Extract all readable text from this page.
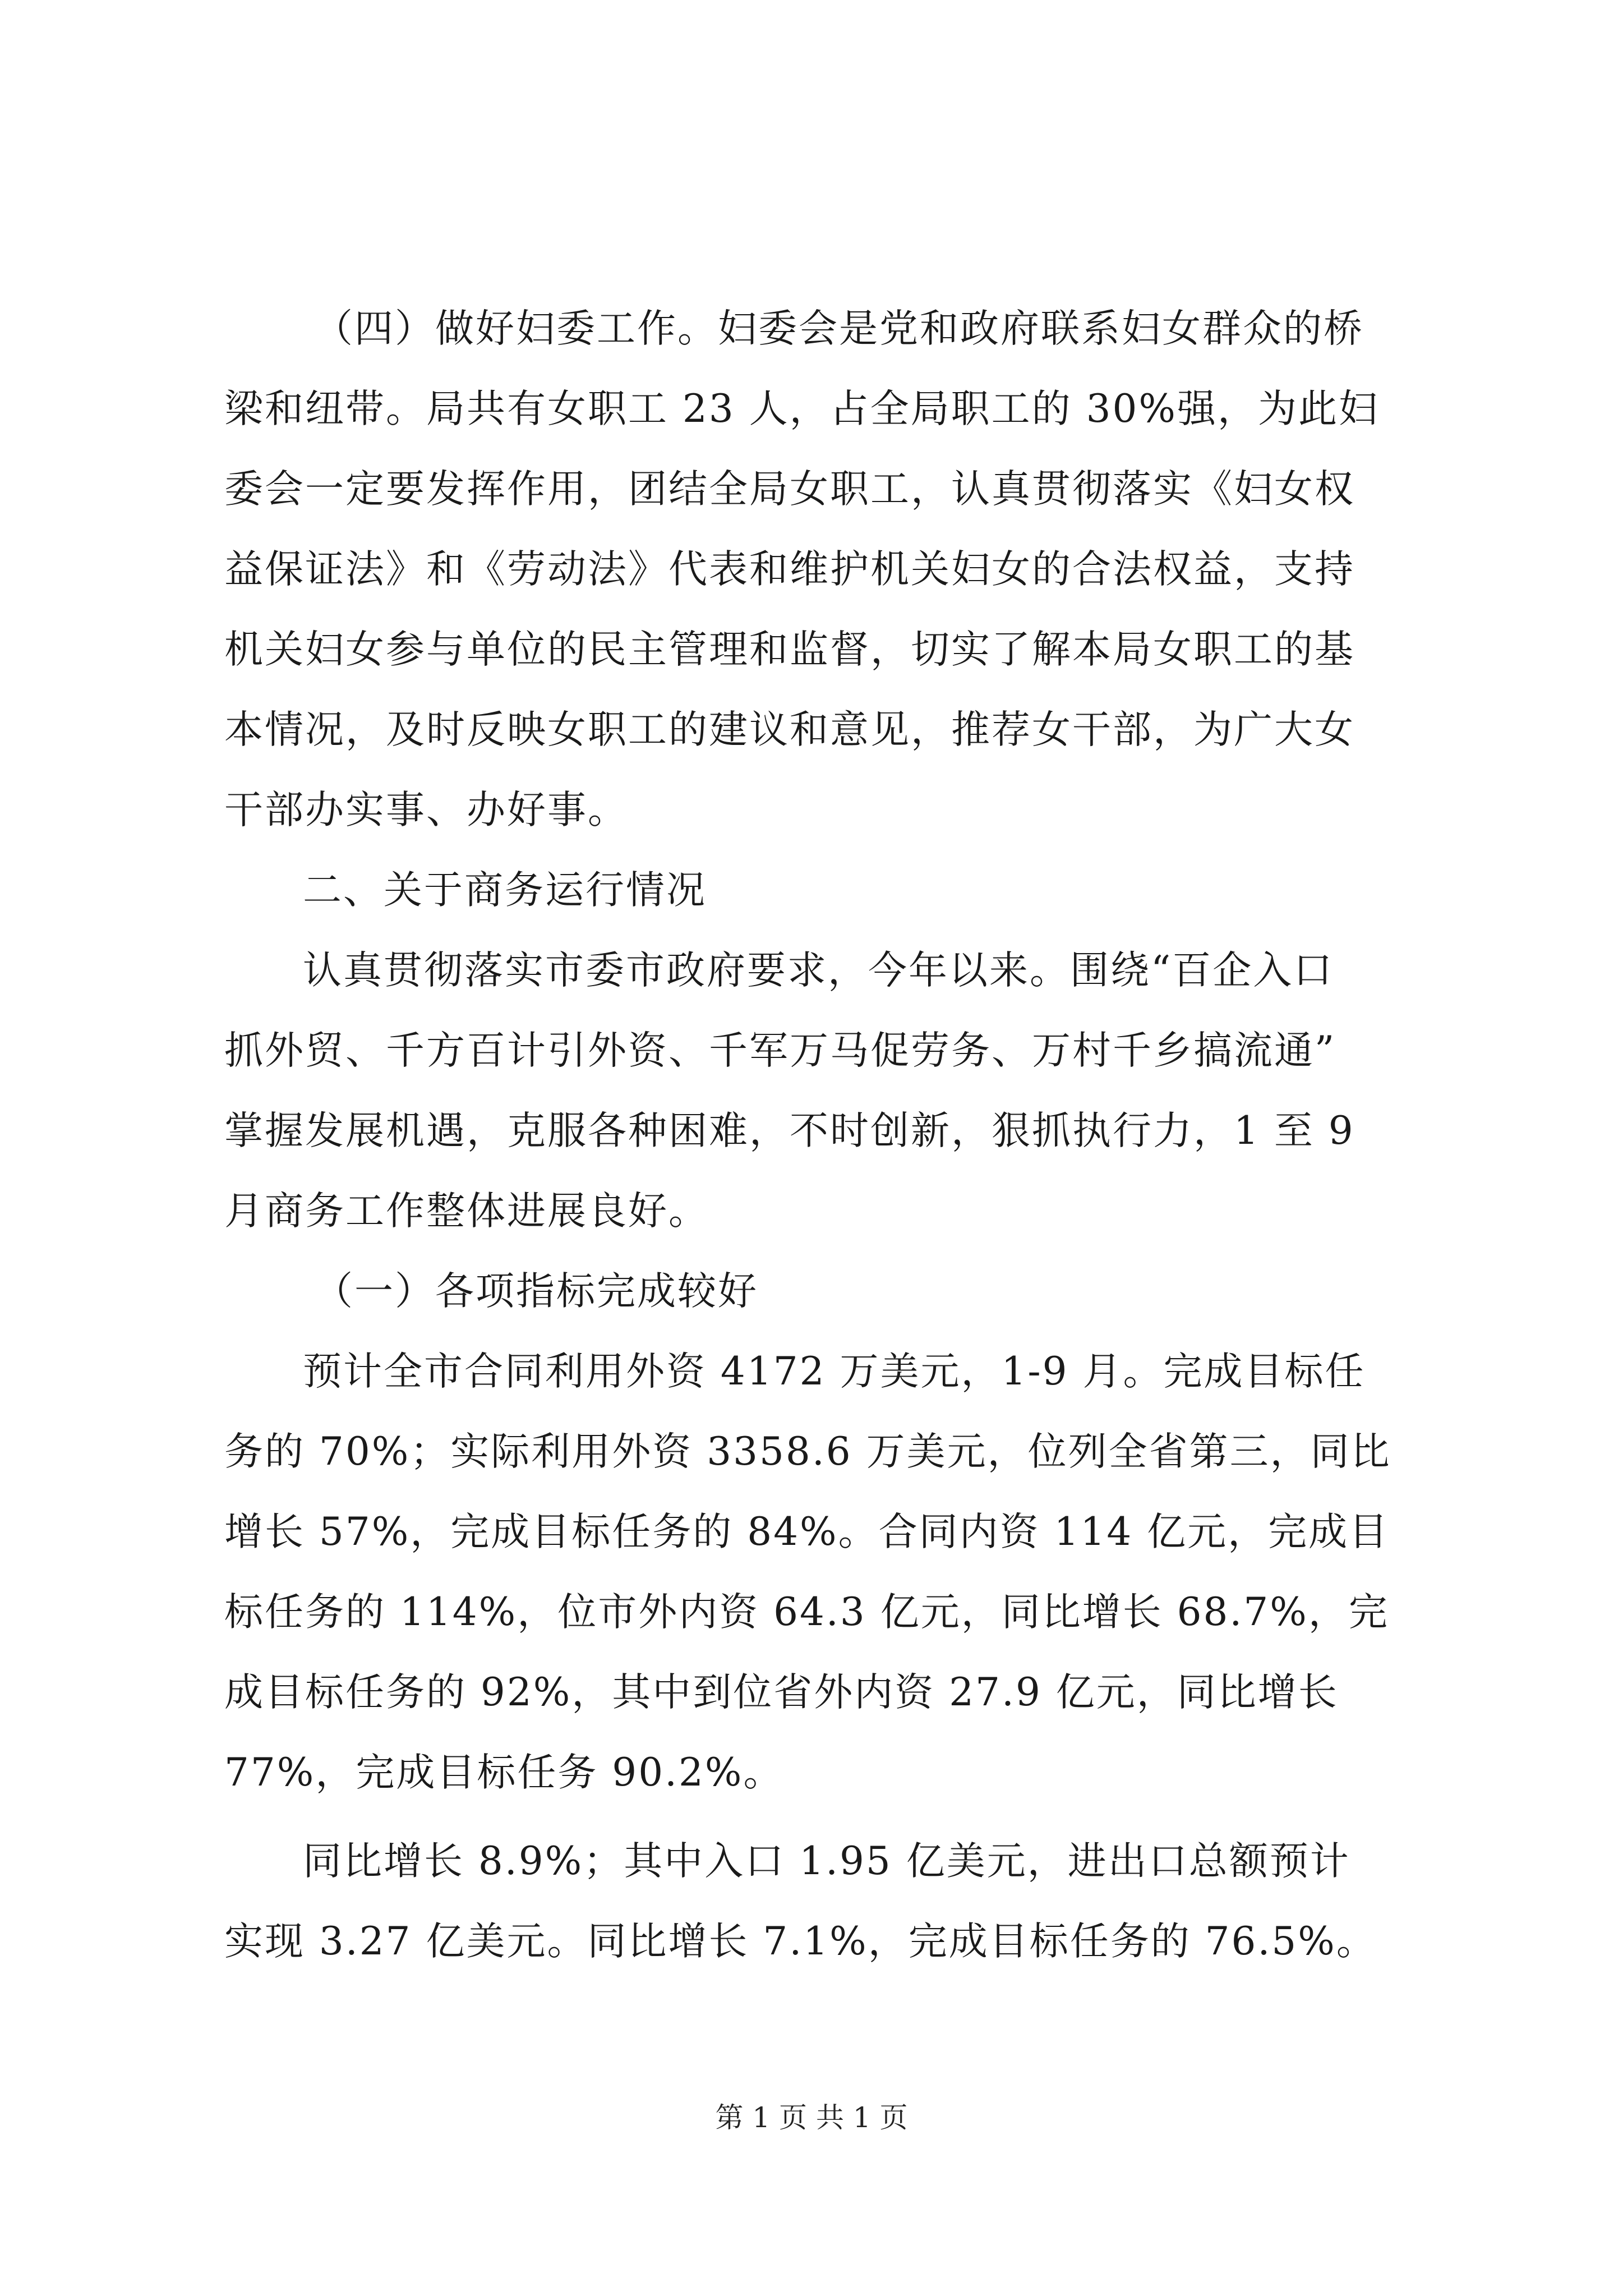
（四）做好妇委工作。妇委会是党和政府联系妇女群众的桥

梁和纽带。局共有女职工 23 人，占全局职工的 30%强，为此妇

委会一定要发挥作用，团结全局女职工，认真贯彻落实《妇女权

益保证法》和《劳动法》代表和维护机关妇女的合法权益，支持

机关妇女参与单位的民主管理和监督，切实了解本局女职工的基

本情况，及时反映女职工的建议和意见，推荐女干部，为广大女

干部办实事、办好事。

二、关于商务运行情况

认真贯彻落实市委市政府要求，今年以来。围绕“百企入口

抓外贸、千方百计引外资、千军万马促劳务、万村千乡搞流通”

掌握发展机遇，克服各种困难，不时创新，狠抓执行力，1 至 9

月商务工作整体进展良好。

（一）各项指标完成较好

预计全市合同利用外资 4172 万美元，1-9 月。完成目标任

务的 70%；实际利用外资 3358.6 万美元，位列全省第三，同比

增长 57%，完成目标任务的 84%。合同内资 114 亿元，完成目

标任务的 114%，位市外内资 64.3 亿元，同比增长 68.7%，完

成目标任务的 92%，其中到位省外内资 27.9 亿元，同比增长

77%，完成目标任务 90.2%。

同比增长 8.9%；其中入口 1.95 亿美元，进出口总额预计

实现 3.27 亿美元。同比增长 7.1%，完成目标任务的 76.5%。

第 1 页 共 1 页
